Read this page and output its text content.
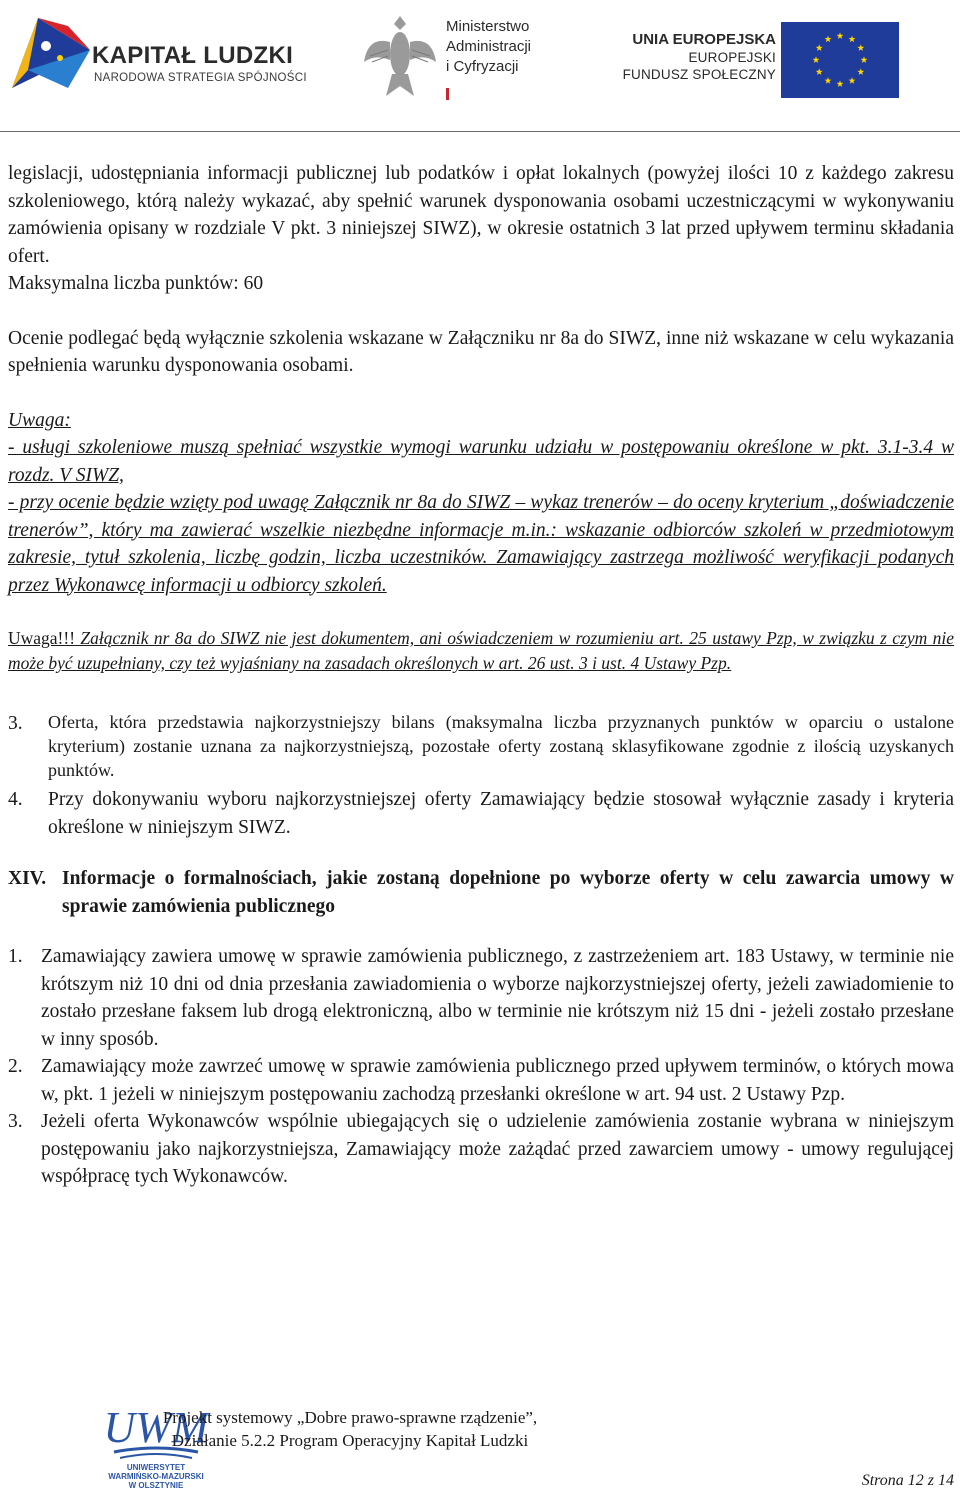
KAPITAŁ LUDZKI
NARODOWA STRATEGIA SPÓJNOŚCI
Ministerstwo
Administracji
i Cyfryzacji
UNIA EUROPEJSKA
EUROPEJSKI
FUNDUSZ SPOŁECZNY

legislacji, udostępniania informacji publicznej lub podatków i opłat lokalnych (powyżej ilości 10 z każdego zakresu szkoleniowego, którą należy wykazać, aby spełnić warunek dysponowania osobami uczestniczącymi w wykonywaniu zamówienia opisany w rozdziale V pkt. 3 niniejszej SIWZ), w okresie ostatnich 3 lat przed upływem terminu składania ofert.

Maksymalna liczba punktów: 60

Ocenie podlegać będą wyłącznie szkolenia wskazane w Załączniku nr 8a do SIWZ, inne niż wskazane w celu wykazania spełnienia warunku dysponowania osobami.

Uwaga:

- usługi szkoleniowe muszą spełniać wszystkie wymogi warunku udziału w postępowaniu określone w pkt. 3.1-3.4 w rozdz. V SIWZ,

- przy ocenie będzie wzięty pod uwagę Załącznik nr 8a do SIWZ – wykaz trenerów – do oceny kryterium „doświadczenie trenerów”, który ma zawierać wszelkie niezbędne informacje m.in.: wskazanie odbiorców szkoleń w przedmiotowym zakresie, tytuł szkolenia, liczbę godzin, liczba uczestników. Zamawiający zastrzega możliwość weryfikacji podanych przez Wykonawcę informacji u odbiorcy szkoleń.

Uwaga!!! Załącznik nr 8a do SIWZ nie jest dokumentem, ani oświadczeniem w rozumieniu art. 25 ustawy Pzp, w związku z czym nie może być uzupełniany, czy też wyjaśniany na zasadach określonych w art. 26 ust. 3 i ust. 4 Ustawy Pzp.

3.	Oferta, która przedstawia najkorzystniejszy bilans (maksymalna liczba przyznanych punktów w oparciu o ustalone kryterium) zostanie uznana za najkorzystniejszą, pozostałe oferty zostaną sklasyfikowane zgodnie z ilością uzyskanych punktów.
4.	Przy dokonywaniu wyboru najkorzystniejszej oferty Zamawiający będzie stosował wyłącznie zasady i kryteria określone w niniejszym SIWZ.
XIV. Informacje o formalnościach, jakie zostaną dopełnione po wyborze oferty w celu zawarcia umowy w sprawie zamówienia publicznego
1. Zamawiający zawiera umowę w sprawie zamówienia publicznego, z zastrzeżeniem art. 183 Ustawy, w terminie nie krótszym niż 10 dni od dnia przesłania zawiadomienia o wyborze najkorzystniejszej oferty, jeżeli zawiadomienie to zostało przesłane faksem lub drogą elektroniczną, albo w terminie nie krótszym niż 15 dni - jeżeli zostało przesłane w inny sposób.
2. Zamawiający może zawrzeć umowę w sprawie zamówienia publicznego przed upływem terminów, o których mowa w, pkt. 1 jeżeli w niniejszym postępowaniu zachodzą przesłanki określone w art. 94 ust. 2 Ustawy Pzp.
3. Jeżeli oferta Wykonawców wspólnie ubiegających się o udzielenie zamówienia zostanie wybrana w niniejszym postępowaniu jako najkorzystniejsza, Zamawiający może zażądać przed zawarciem umowy - umowy regulującej współpracę tych Wykonawców.
UWM
UNIWERSYTET
WARMIŃSKO-MAZURSKI
W OLSZTYNIE
Projekt systemowy „Dobre prawo-sprawne rządzenie”,
Działanie 5.2.2 Program Operacyjny Kapitał Ludzki
Strona 12 z 14
